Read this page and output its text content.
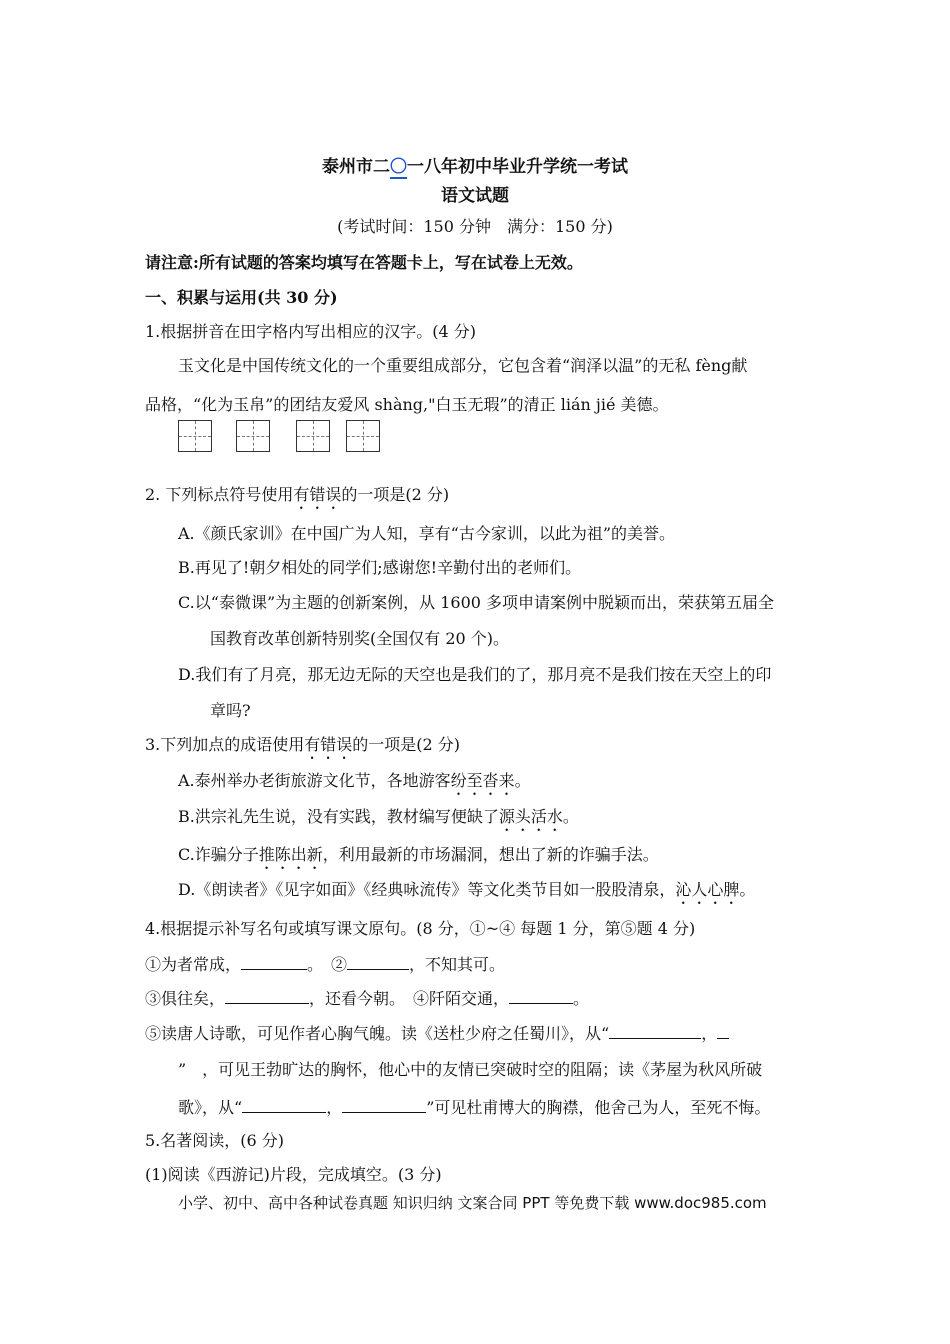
泰州市二〇一八年初中毕业升学统一考试
语文试题
(考试时间：150 分钟　满分：150 分)
请注意:所有试题的答案均填写在答题卡上，写在试卷上无效。
一、积累与运用(共 30 分)
1.根据拼音在田字格内写出相应的汉字。(4 分)
玉文化是中国传统文化的一个重要组成部分，它包含着“润泽以温”的无私 fèng献
品格，“化为玉帛”的团结友爱风 shàng,"白玉无瑕”的清正 lián jié 美德。
2. 下列标点符号使用有错误的一项是(2 分)
A.《颜氏家训》在中国广为人知，享有“古今家训，以此为祖”的美誉。
B.再见了!朝夕相处的同学们;感谢您!辛勤付出的老师们。
C.以“泰微课”为主题的创新案例，从 1600 多项申请案例中脱颖而出，荣获第五届全
国教育改革创新特别奖(全国仅有 20 个)。
D.我们有了月亮，那无边无际的天空也是我们的了，那月亮不是我们按在天空上的印
章吗?
3.下列加点的成语使用有错误的一项是(2 分)
A.泰州举办老街旅游文化节，各地游客纷至沓来。
B.洪宗礼先生说，没有实践，教材编写便缺了源头活水。
C.诈骗分子推陈出新，利用最新的市场漏洞，想出了新的诈骗手法。
D.《朗读者》《见字如面》《经典咏流传》等文化类节目如一股股清泉，沁人心脾。
4.根据提示补写名句或填写课文原句。(8 分，①~④ 每题 1 分，第⑤题 4 分)
①为者常成，	。　②	，不知其可。
③俱往矣，	，还看今朝。　④阡陌交通，	。
⑤读唐人诗歌，可见作者心胸气魄。读《送杜少府之任蜀川》，从“	，
”　，可见王勃旷达的胸怀，他心中的友情已突破时空的阻隔；读《茅屋为秋风所破
歌》，从“	，	”可见杜甫博大的胸襟，他舍己为人，至死不悔。
5.名著阅读，(6 分)
(1)阅读《西游记)片段，完成填空。(3 分)
小学、初中、高中各种试卷真题 知识归纳 文案合同 PPT 等免费下载 www.doc985.com
